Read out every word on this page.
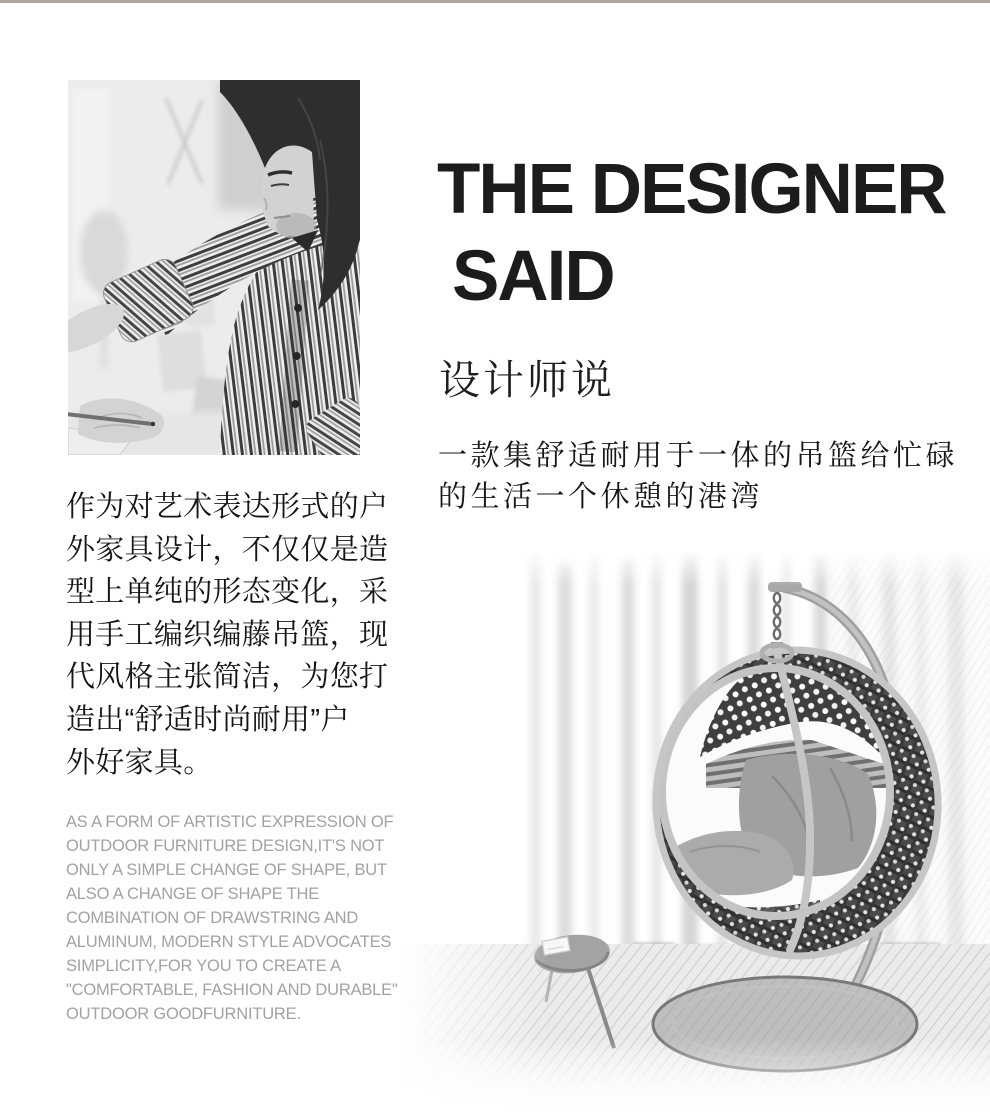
THE DESIGNER
SAID
设计师说
一款集舒适耐用于一体的吊篮给忙碌
的生活一个休憩的港湾
作为对艺术表达形式的户
外家具设计，不仅仅是造
型上单纯的形态变化，采
用手工编织编藤吊篮，现
代风格主张简洁，为您打
造出“舒适时尚耐用”户
外好家具。
AS A FORM OF ARTISTIC EXPRESSION OF
OUTDOOR FURNITURE DESIGN,IT'S NOT
ONLY A SIMPLE CHANGE OF SHAPE, BUT
ALSO A CHANGE OF SHAPE THE
COMBINATION OF DRAWSTRING AND
ALUMINUM, MODERN STYLE ADVOCATES
SIMPLICITY,FOR YOU TO CREATE A
"COMFORTABLE, FASHION AND DURABLE"
OUTDOOR GOODFURNITURE.
